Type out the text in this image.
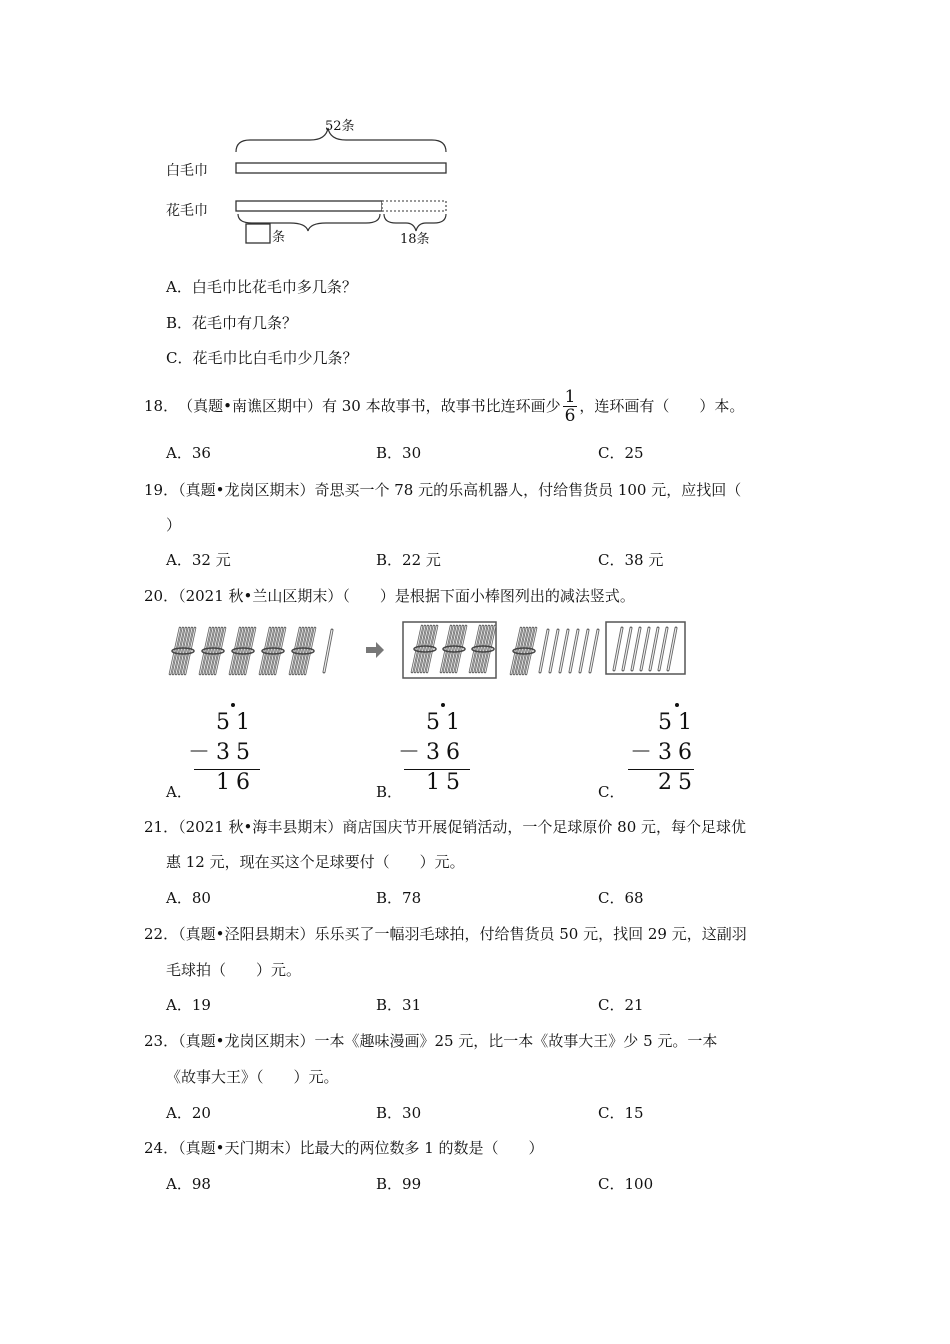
52条
白毛巾
花毛巾
条	18条
A．白毛巾比花毛巾多几条？
B．花毛巾有几条？
C．花毛巾比白毛巾少几条？
18． （真题•南谯区期中）有 30 本故事书，故事书比连环画少 $\frac{1}{6}$ ，连环画有（　　）本。
A．36	B．30	C．25
19．（真题•龙岗区期末）奇思买一个 78 元的乐高机器人，付给售货员 100 元，应找回（
）
A．32 元	B．22 元	C．38 元
20．（2021 秋•兰山区期末）（　　）是根据下面小棒图列出的减法竖式。
A．
51
－35
16	B．
51
－36
15	C．
51
－36
25
21．（2021 秋•海丰县期末）商店国庆节开展促销活动，一个足球原价 80 元，每个足球优
惠 12 元，现在买这个足球要付（　　）元。
A．80	B．78	C．68
22．（真题•泾阳县期末）乐乐买了一幅羽毛球拍，付给售货员 50 元，找回 29 元，这副羽
毛球拍（　　）元。
A．19	B．31	C．21
23．（真题•龙岗区期末）一本《趣味漫画》25 元，比一本《故事大王》少 5 元。一本
《故事大王》（　　）元。
A．20	B．30	C．15
24．（真题•天门期末）比最大的两位数多 1 的数是（　　）
A．98	B．99	C．100
